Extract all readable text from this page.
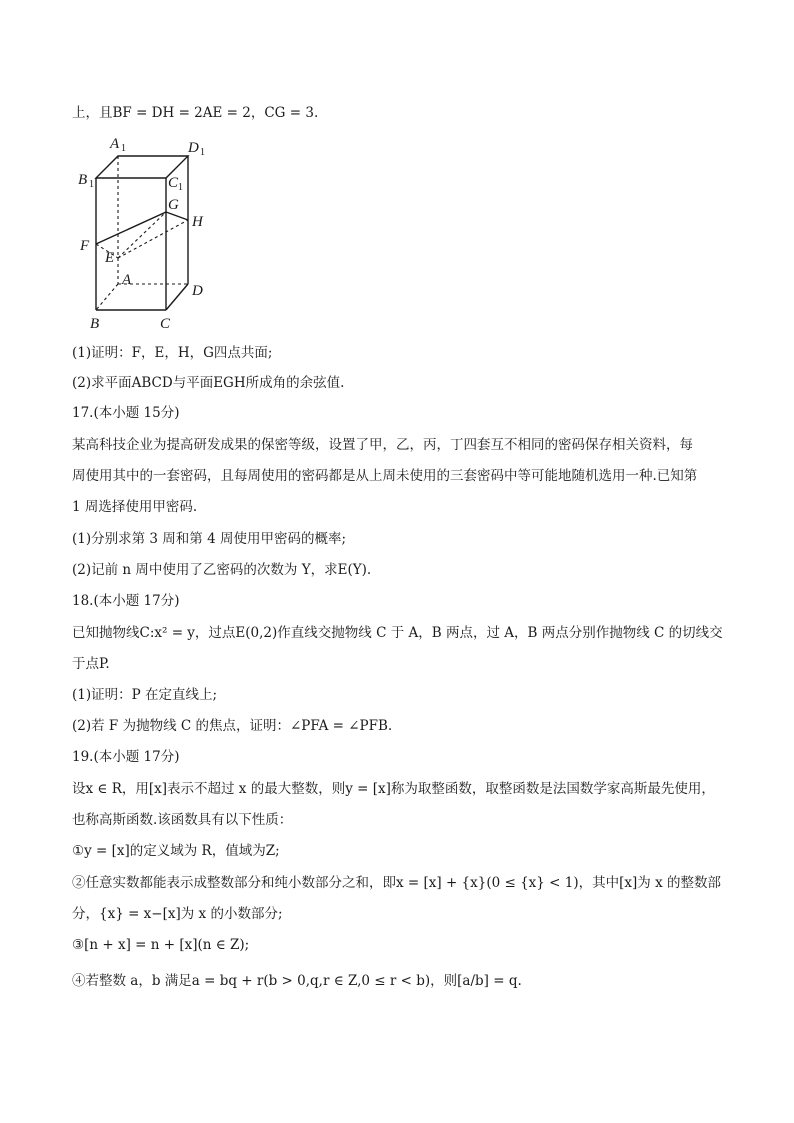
上，且BF = DH = 2AE = 2，CG = 3.
A 1	D 1
B 1	C 1
G
H
F
E
A
D
B	C
(1)证明：F，E，H，G四点共面;
(2)求平面ABCD与平面EGH所成角的余弦值.
17.(本小题 15分)
某高科技企业为提高研发成果的保密等级，设置了甲，乙，丙，丁四套互不相同的密码保存相关资料，每
周使用其中的一套密码，且每周使用的密码都是从上周未使用的三套密码中等可能地随机选用一种.已知第
1 周选择使用甲密码.
(1)分别求第 3 周和第 4 周使用甲密码的概率;
(2)记前 n 周中使用了乙密码的次数为 Y，求E(Y).
18.(本小题 17分)
已知抛物线C:x² = y，过点E(0,2)作直线交抛物线 C 于 A，B 两点，过 A，B 两点分别作抛物线 C 的切线交
于点P.
(1)证明：P 在定直线上;
(2)若 F 为抛物线 C 的焦点，证明：∠PFA = ∠PFB.
19.(本小题 17分)
设x ∈ R，用[x]表示不超过 x 的最大整数，则y = [x]称为取整函数，取整函数是法国数学家高斯最先使用，
也称高斯函数.该函数具有以下性质：
①y = [x]的定义域为 R，值域为Z;
②任意实数都能表示成整数部分和纯小数部分之和，即x = [x] + {x}(0 ≤ {x} < 1)，其中[x]为 x 的整数部
分，{x} = x−[x]为 x 的小数部分;
③[n + x] = n + [x](n ∈ Z);
④若整数 a，b 满足a = bq + r(b > 0,q,r ∈ Z,0 ≤ r < b)，则[a/b] = q.
